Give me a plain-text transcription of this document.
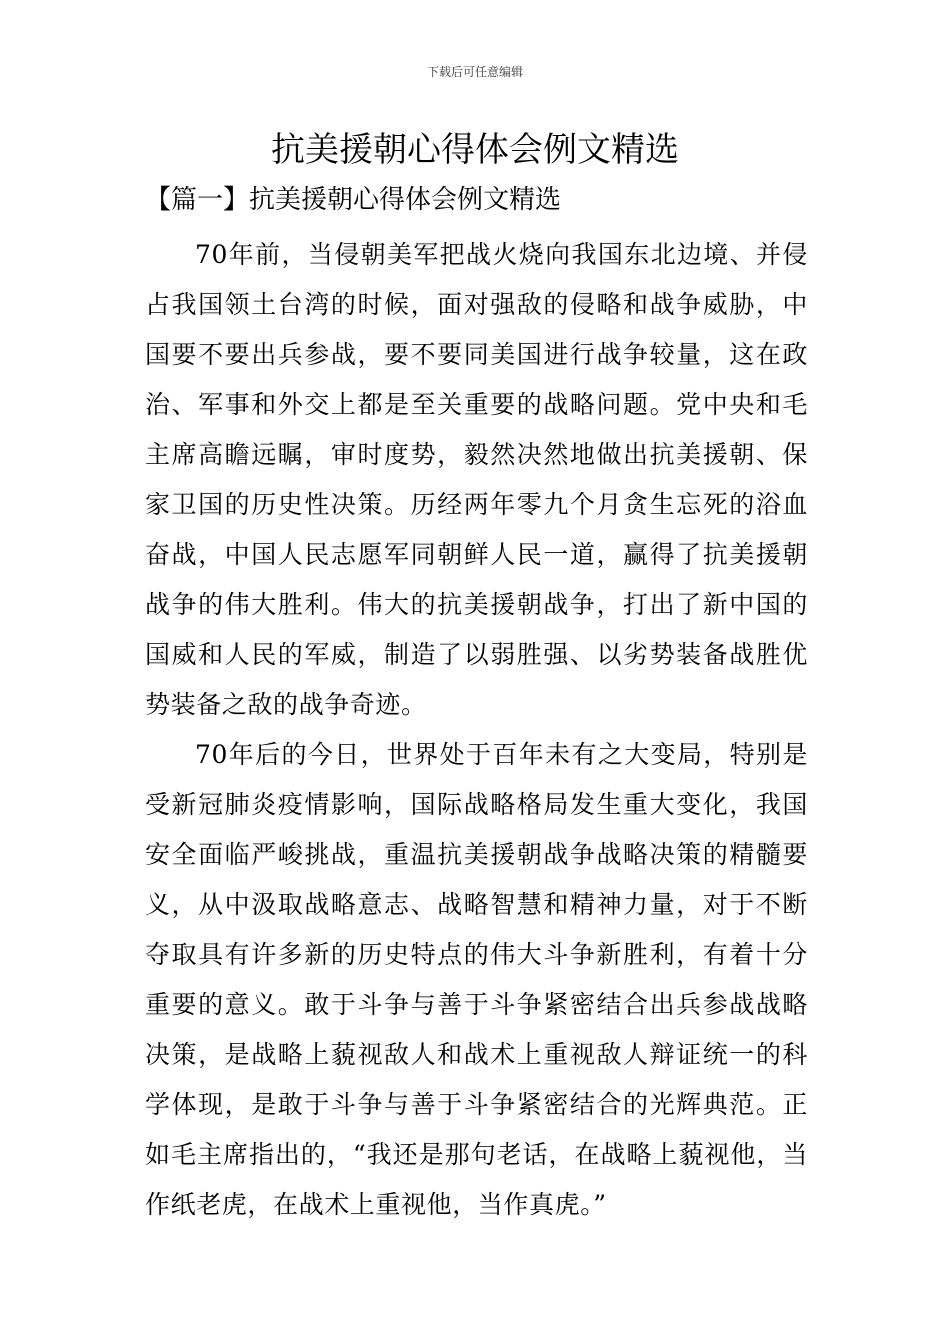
下载后可任意编辑
抗美援朝心得体会例文精选
【篇一】抗美援朝心得体会例文精选

70年前，当侵朝美军把战火烧向我国东北边境、并侵占我国领土台湾的时候，面对强敌的侵略和战争威胁，中国要不要出兵参战，要不要同美国进行战争较量，这在政治、军事和外交上都是至关重要的战略问题。党中央和毛主席高瞻远瞩，审时度势，毅然决然地做出抗美援朝、保家卫国的历史性决策。历经两年零九个月贪生忘死的浴血奋战，中国人民志愿军同朝鲜人民一道，赢得了抗美援朝战争的伟大胜利。伟大的抗美援朝战争，打出了新中国的国威和人民的军威，制造了以弱胜强、以劣势装备战胜优势装备之敌的战争奇迹。

70年后的今日，世界处于百年未有之大变局，特别是受新冠肺炎疫情影响，国际战略格局发生重大变化，我国安全面临严峻挑战，重温抗美援朝战争战略决策的精髓要义，从中汲取战略意志、战略智慧和精神力量，对于不断夺取具有许多新的历史特点的伟大斗争新胜利，有着十分重要的意义。敢于斗争与善于斗争紧密结合出兵参战战略决策，是战略上藐视敌人和战术上重视敌人辩证统一的科学体现，是敢于斗争与善于斗争紧密结合的光辉典范。正如毛主席指出的，“我还是那句老话，在战略上藐视他，当作纸老虎，在战术上重视他，当作真虎。”
